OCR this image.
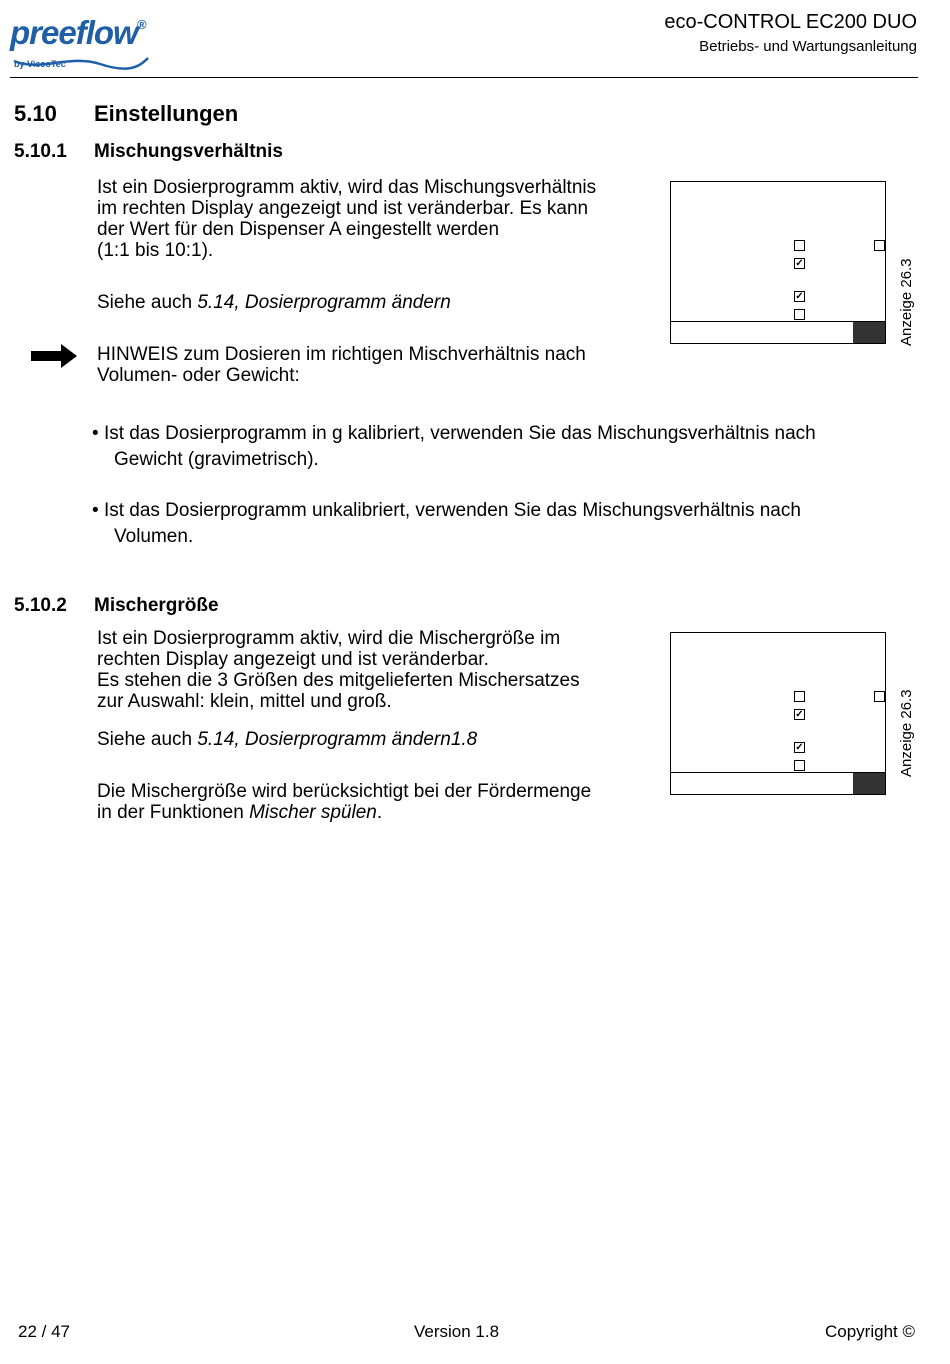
preeflow ®
by ViscoTec
eco-CONTROL EC200 DUO
Betriebs- und Wartungsanleitung
5.10 Einstellungen
5.10.1 Mischungsverhältnis

Ist ein Dosierprogramm aktiv, wird das Mischungsverhältnis

im rechten Display angezeigt und ist veränderbar. Es kann

der Wert für den Dispenser A eingestellt werden

(1:1 bis 10:1).

Siehe auch 5.14, Dosierprogramm ändern

HINWEIS zum Dosieren im richtigen Mischverhältnis nach

Volumen- oder Gewicht:

• Ist das Dosierprogramm in g kalibriert, verwenden Sie das Mischungsverhältnis nach
Gewicht (gravimetrisch).
• Ist das Dosierprogramm unkalibriert, verwenden Sie das Mischungsverhältnis nach
Volumen.
✓
✓	Anzeige 26.3
5.10.2 Mischergröße

Ist ein Dosierprogramm aktiv, wird die Mischergröße im

rechten Display angezeigt und ist veränderbar.

Es stehen die 3 Größen des mitgelieferten Mischersatzes

zur Auswahl: klein, mittel und groß.

Siehe auch 5.14, Dosierprogramm ändern1.8

Die Mischergröße wird berücksichtigt bei der Fördermenge

in der Funktionen Mischer spülen.

✓
✓	Anzeige 26.3
22 / 47	Version 1.8	Copyright ©
